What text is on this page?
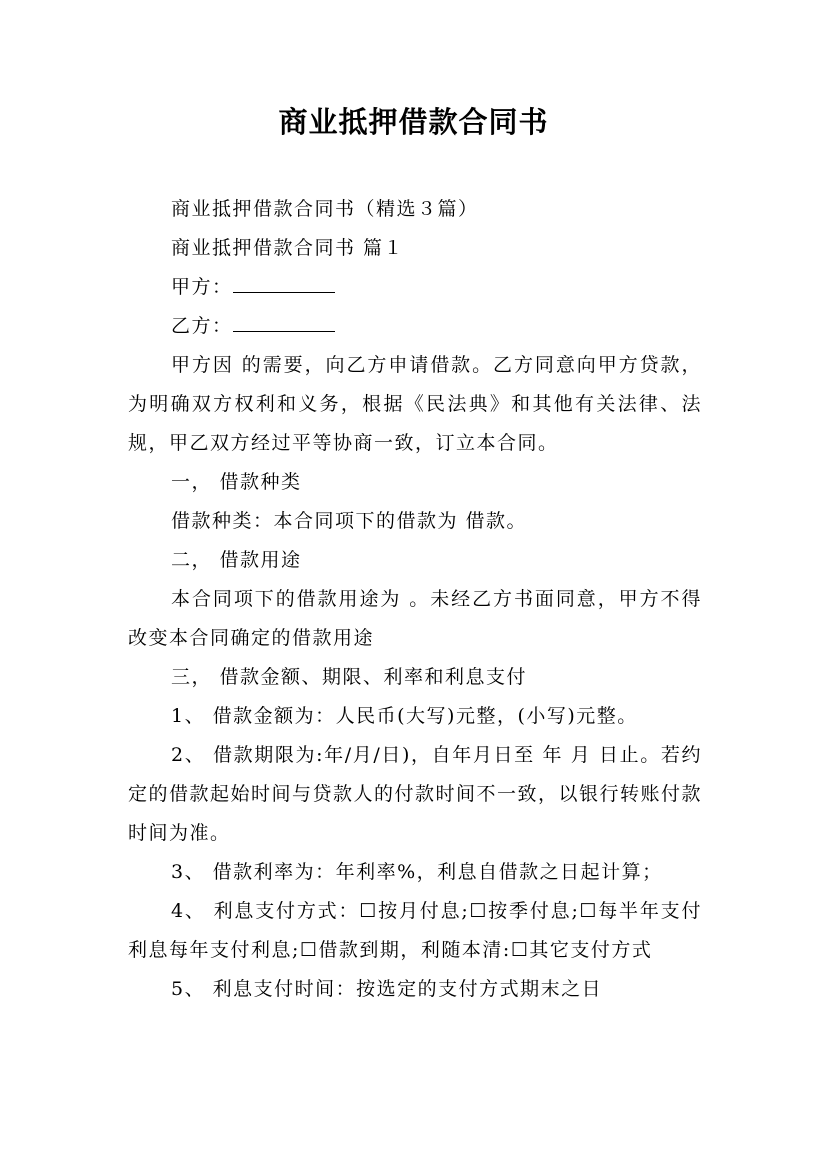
商业抵押借款合同书

商业抵押借款合同书（精选３篇）

商业抵押借款合同书 篇１

甲方：

乙方：

甲方因 的需要，向乙方申请借款。乙方同意向甲方贷款，为明确双方权利和义务，根据《民法典》和其他有关法律、法规，甲乙双方经过平等协商一致，订立本合同。

一， 借款种类

借款种类：本合同项下的借款为 借款。

二， 借款用途

本合同项下的借款用途为 。未经乙方书面同意，甲方不得改变本合同确定的借款用途

三， 借款金额、期限、利率和利息支付

1、 借款金额为：人民币(大写)元整，(小写)元整。

2、 借款期限为:年/月/日)，自年月日至 年 月 日止。若约定的借款起始时间与贷款人的付款时间不一致，以银行转账付款时间为准。

3、 借款利率为：年利率%，利息自借款之日起计算；

4、 利息支付方式：☐按月付息;☐按季付息;☐每半年支付利息每年支付利息;☐借款到期，利随本清:☐其它支付方式

5、 利息支付时间：按选定的支付方式期末之日
